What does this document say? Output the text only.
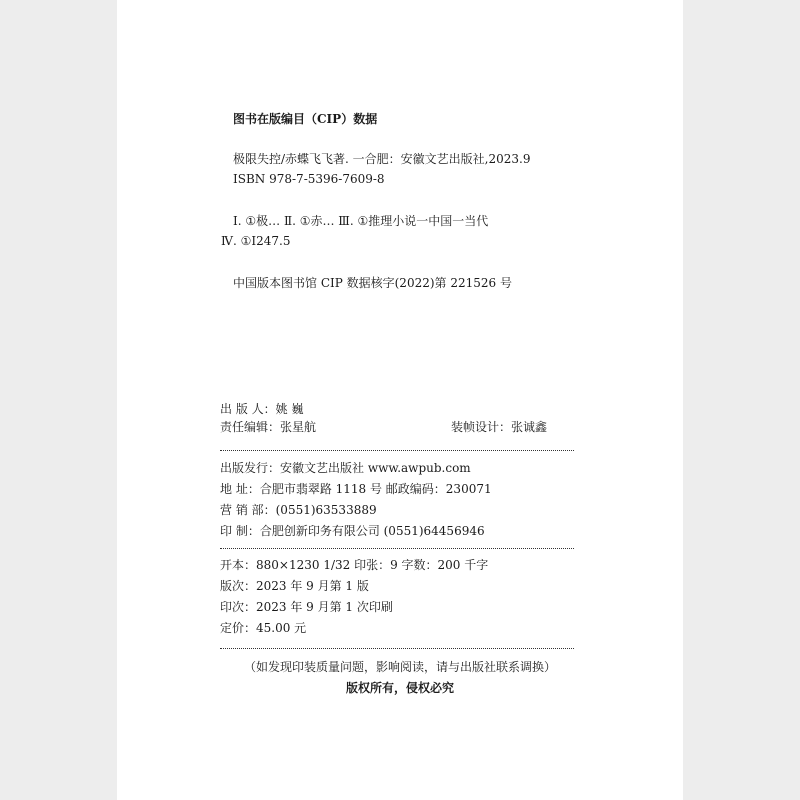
图书在版编目（CIP）数据
极限失控/赤蝶飞飞著. 一合肥：安徽文艺出版社,2023.9
ISBN 978-7-5396-7609-8
Ⅰ. ①极… Ⅱ. ①赤… Ⅲ. ①推理小说一中国一当代
Ⅳ. ①I247.5
中国版本图书馆 CIP 数据核字(2022)第 221526 号
出 版 人：姚 巍
责任编辑：张星航	装帧设计：张诚鑫
出版发行：安徽文艺出版社 www.awpub.com
地 址：合肥市翡翠路 1118 号 邮政编码：230071
营 销 部：(0551)63533889
印 制：合肥创新印务有限公司 (0551)64456946
开本：880×1230 1/32 印张：9 字数：200 千字
版次：2023 年 9 月第 1 版
印次：2023 年 9 月第 1 次印刷
定价：45.00 元
（如发现印装质量问题，影响阅读，请与出版社联系调换）
版权所有，侵权必究
